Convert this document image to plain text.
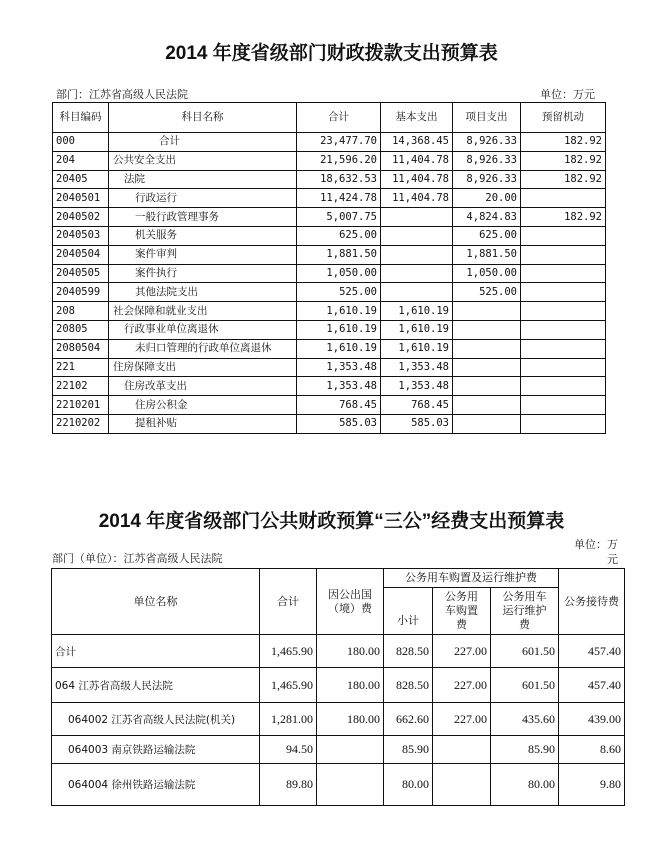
2014 年度省级部门财政拨款支出预算表
部门：江苏省高级人民法院	单位：万元
科目编码	科目名称	合计	基本支出	项目支出	预留机动
000	合计	23,477.70	14,368.45	8,926.33	182.92
204	公共安全支出	21,596.20	11,404.78	8,926.33	182.92
20405	法院	18,632.53	11,404.78	8,926.33	182.92
2040501	行政运行	11,424.78	11,404.78	20.00	
2040502	一般行政管理事务	5,007.75		4,824.83	182.92
2040503	机关服务	625.00		625.00	
2040504	案件审判	1,881.50		1,881.50	
2040505	案件执行	1,050.00		1,050.00	
2040599	其他法院支出	525.00		525.00	
208	社会保障和就业支出	1,610.19	1,610.19		
20805	行政事业单位离退休	1,610.19	1,610.19		
2080504	未归口管理的行政单位离退休	1,610.19	1,610.19		
221	住房保障支出	1,353.48	1,353.48		
22102	住房改革支出	1,353.48	1,353.48		
2210201	住房公积金	768.45	768.45		
2210202	提租补贴	585.03	585.03		
2014 年度省级部门公共财政预算“三公”经费支出预算表
部门（单位）：江苏省高级人民法院
单位：万元
单位名称	合计	因公出国（境）费	公务用车购置及运行维护费			公务接待费
			小计	公务用车购置费	公务用车运行维护费	
合计	1,465.90	180.00	828.50	227.00	601.50	457.40
064 江苏省高级人民法院	1,465.90	180.00	828.50	227.00	601.50	457.40
064002 江苏省高级人民法院(机关)	1,281.00	180.00	662.60	227.00	435.60	439.00
064003 南京铁路运输法院	94.50		85.90		85.90	8.60
064004 徐州铁路运输法院	89.80		80.00		80.00	9.80
